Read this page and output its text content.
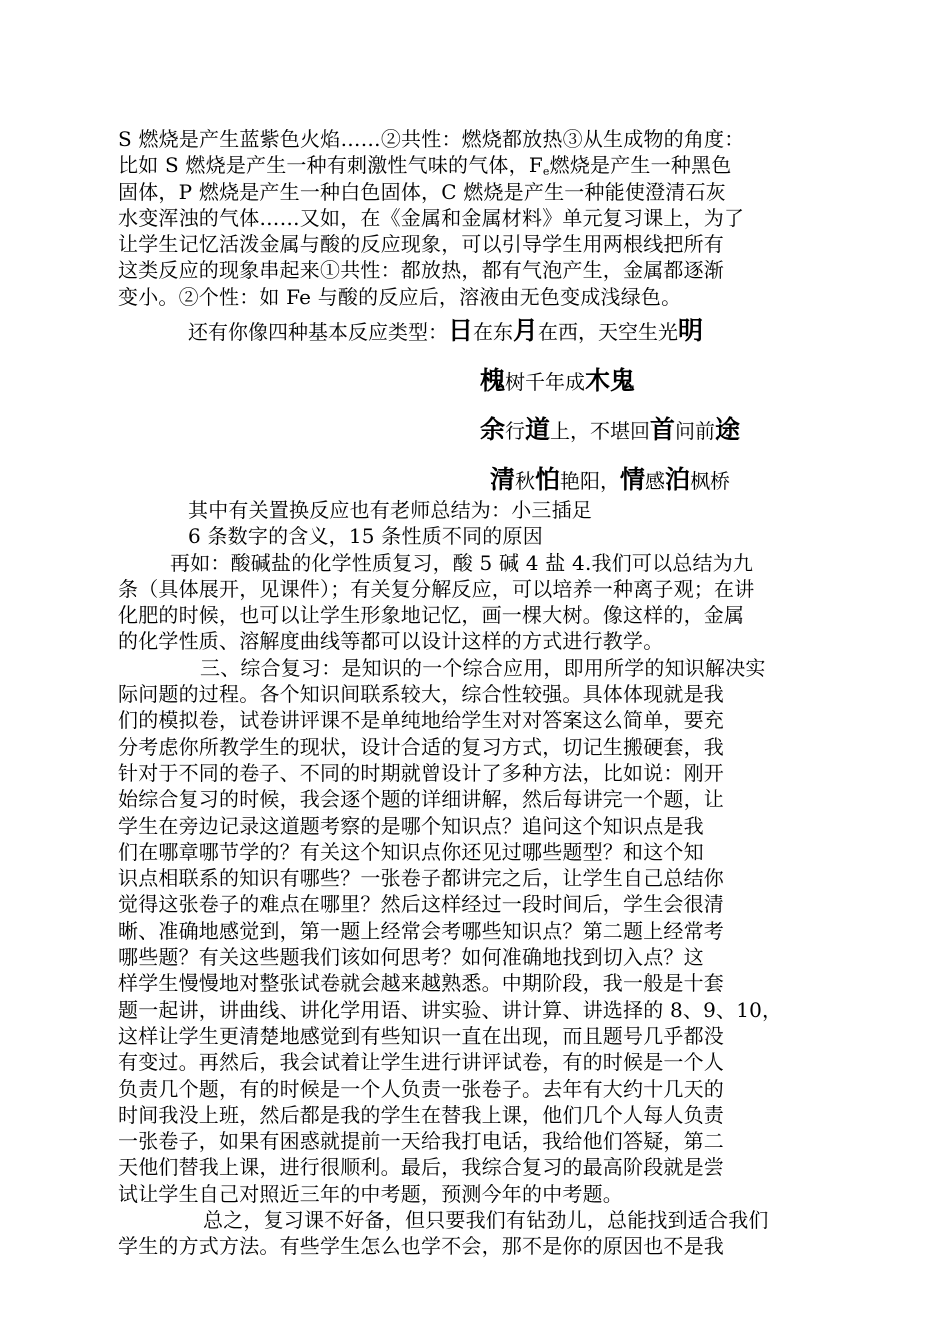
S 燃烧是产生蓝紫色火焰……②共性：燃烧都放热③从生成物的角度：
比如 S 燃烧是产生一种有刺激性气味的气体，$F_e$燃烧是产生一种黑色
固体，P 燃烧是产生一种白色固体，C 燃烧是产生一种能使澄清石灰
水变浑浊的气体……又如，在《金属和金属材料》单元复习课上，为了
让学生记忆活泼金属与酸的反应现象，可以引导学生用两根线把所有
这类反应的现象串起来①共性：都放热，都有气泡产生，金属都逐渐
变小。②个性：如 Fe 与酸的反应后，溶液由无色变成浅绿色。
还有你像四种基本反应类型：日在东月在西，天空生光明
槐树千年成木鬼
余行道上，不堪回首问前途
清秋怕艳阳，情感泊枫桥
其中有关置换反应也有老师总结为：小三插足
6 条数字的含义，15 条性质不同的原因
再如：酸碱盐的化学性质复习，酸 5 碱 4 盐 4.我们可以总结为九
条（具体展开，见课件）；有关复分解反应，可以培养一种离子观；在讲
化肥的时候，也可以让学生形象地记忆，画一棵大树。像这样的，金属
的化学性质、溶解度曲线等都可以设计这样的方式进行教学。
三、综合复习：是知识的一个综合应用，即用所学的知识解决实
际问题的过程。各个知识间联系较大，综合性较强。具体体现就是我
们的模拟卷，试卷讲评课不是单纯地给学生对对答案这么简单，要充
分考虑你所教学生的现状，设计合适的复习方式，切记生搬硬套，我
针对于不同的卷子、不同的时期就曾设计了多种方法，比如说：刚开
始综合复习的时候，我会逐个题的详细讲解，然后每讲完一个题，让
学生在旁边记录这道题考察的是哪个知识点？追问这个知识点是我
们在哪章哪节学的？有关这个知识点你还见过哪些题型？和这个知
识点相联系的知识有哪些？一张卷子都讲完之后，让学生自己总结你
觉得这张卷子的难点在哪里？然后这样经过一段时间后，学生会很清
晰、准确地感觉到，第一题上经常会考哪些知识点？第二题上经常考
哪些题？有关这些题我们该如何思考？如何准确地找到切入点？这
样学生慢慢地对整张试卷就会越来越熟悉。中期阶段，我一般是十套
题一起讲，讲曲线、讲化学用语、讲实验、讲计算、讲选择的 8、9、10，
这样让学生更清楚地感觉到有些知识一直在出现，而且题号几乎都没
有变过。再然后，我会试着让学生进行讲评试卷，有的时候是一个人
负责几个题，有的时候是一个人负责一张卷子。去年有大约十几天的
时间我没上班，然后都是我的学生在替我上课，他们几个人每人负责
一张卷子，如果有困惑就提前一天给我打电话，我给他们答疑，第二
天他们替我上课，进行很顺利。最后，我综合复习的最高阶段就是尝
试让学生自己对照近三年的中考题，预测今年的中考题。
总之，复习课不好备，但只要我们有钻劲儿，总能找到适合我们
学生的方式方法。有些学生怎么也学不会，那不是你的原因也不是我
